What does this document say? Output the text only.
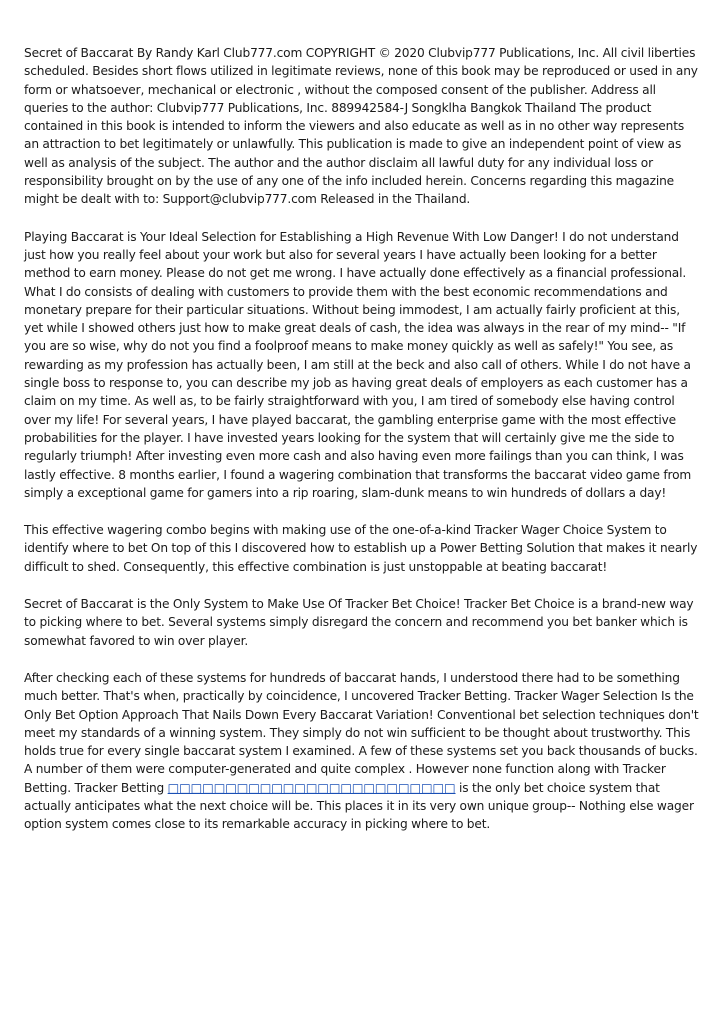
Secret of Baccarat By Randy Karl Club777.com COPYRIGHT © 2020 Clubvip777 Publications, Inc. All civil liberties scheduled. Besides short flows utilized in legitimate reviews, none of this book may be reproduced or used in any form or whatsoever, mechanical or electronic , without the composed consent of the publisher. Address all queries to the author: Clubvip777 Publications, Inc. 889942584-J Songklha Bangkok Thailand The product contained in this book is intended to inform the viewers and also educate as well as in no other way represents an attraction to bet legitimately or unlawfully. This publication is made to give an independent point of view as well as analysis of the subject. The author and the author disclaim all lawful duty for any individual loss or responsibility brought on by the use of any one of the info included herein. Concerns regarding this magazine might be dealt with to: Support@clubvip777.com Released in the Thailand.

Playing Baccarat is Your Ideal Selection for Establishing a High Revenue With Low Danger! I do not understand just how you really feel about your work but also for several years I have actually been looking for a better method to earn money. Please do not get me wrong. I have actually done effectively as a financial professional. What I do consists of dealing with customers to provide them with the best economic recommendations and monetary prepare for their particular situations. Without being immodest, I am actually fairly proficient at this, yet while I showed others just how to make great deals of cash, the idea was always in the rear of my mind-- "If you are so wise, why do not you find a foolproof means to make money quickly as well as safely!" You see, as rewarding as my profession has actually been, I am still at the beck and also call of others. While I do not have a single boss to response to, you can describe my job as having great deals of employers as each customer has a claim on my time. As well as, to be fairly straightforward with you, I am tired of somebody else having control over my life! For several years, I have played baccarat, the gambling enterprise game with the most effective probabilities for the player. I have invested years looking for the system that will certainly give me the side to regularly triumph! After investing even more cash and also having even more failings than you can think, I was lastly effective. 8 months earlier, I found a wagering combination that transforms the baccarat video game from simply a exceptional game for gamers into a rip roaring, slam-dunk means to win hundreds of dollars a day!

This effective wagering combo begins with making use of the one-of-a-kind Tracker Wager Choice System to identify where to bet On top of this I discovered how to establish up a Power Betting Solution that makes it nearly difficult to shed. Consequently, this effective combination is just unstoppable at beating baccarat!

Secret of Baccarat is the Only System to Make Use Of Tracker Bet Choice! Tracker Bet Choice is a brand-new way to picking where to bet. Several systems simply disregard the concern and recommend you bet banker which is somewhat favored to win over player.

After checking each of these systems for hundreds of baccarat hands, I understood there had to be something much better. That's when, practically by coincidence, I uncovered Tracker Betting. Tracker Wager Selection Is the Only Bet Option Approach That Nails Down Every Baccarat Variation! Conventional bet selection techniques don't meet my standards of a winning system. They simply do not win sufficient to be thought about trustworthy. This holds true for every single baccarat system I examined. A few of these systems set you back thousands of bucks. A number of them were computer-generated and quite complex . However none function along with Tracker Betting. Tracker Betting □□□□□□□□□□□□□□□□□□□□□□□□□ is the only bet choice system that actually anticipates what the next choice will be. This places it in its very own unique group-- Nothing else wager option system comes close to its remarkable accuracy in picking where to bet.
